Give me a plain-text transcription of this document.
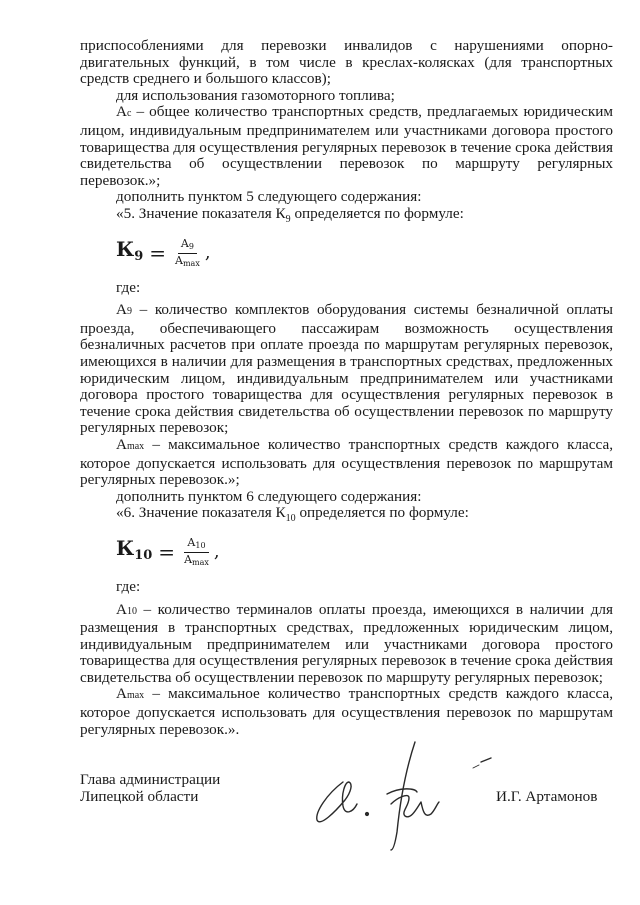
приспособлениями для перевозки инвалидов с нарушениями опорно-двигательных функций, в том числе в креслах-колясках (для транспортных средств среднего и большого классов);

для использования газомоторного топлива;

Ас – общее количество транспортных средств, предлагаемых юридическим лицом, индивидуальным предпринимателем или участниками договора простого товарищества для осуществления регулярных перевозок в течение срока действия свидетельства об осуществлении перевозок по маршруту регулярных перевозок.»;

дополнить пунктом 5 следующего содержания:

«5. Значение показателя $К_9$ определяется по формуле:

$К_9 = \frac{A_9}{A_{max}}$ ,

где:

А9 – количество комплектов оборудования системы безналичной оплаты проезда, обеспечивающего пассажирам возможность осуществления безналичных расчетов при оплате проезда по маршрутам регулярных перевозок, имеющихся в наличии для размещения в транспортных средствах, предложенных юридическим лицом, индивидуальным предпринимателем или участниками договора простого товарищества для осуществления регулярных перевозок в течение срока действия свидетельства об осуществлении перевозок по маршруту регулярных перевозок;

Аmax – максимальное количество транспортных средств каждого класса, которое допускается использовать для осуществления перевозок по маршрутам регулярных перевозок.»;

дополнить пунктом 6 следующего содержания:

«6. Значение показателя $К_{10}$ определяется по формуле:

$К_{10} = \frac{A_{10}}{A_{max}}$ ,

где:

А10 – количество терминалов оплаты проезда, имеющихся в наличии для размещения в транспортных средствах, предложенных юридическим лицом, индивидуальным предпринимателем или участниками договора простого товарищества для осуществления регулярных перевозок в течение срока действия свидетельства об осуществлении перевозок по маршруту регулярных перевозок;

Аmax – максимальное количество транспортных средств каждого класса, которое допускается использовать для осуществления перевозок по маршрутам регулярных перевозок.».

Глава администрации
Липецкой области	И.Г. Артамонов
